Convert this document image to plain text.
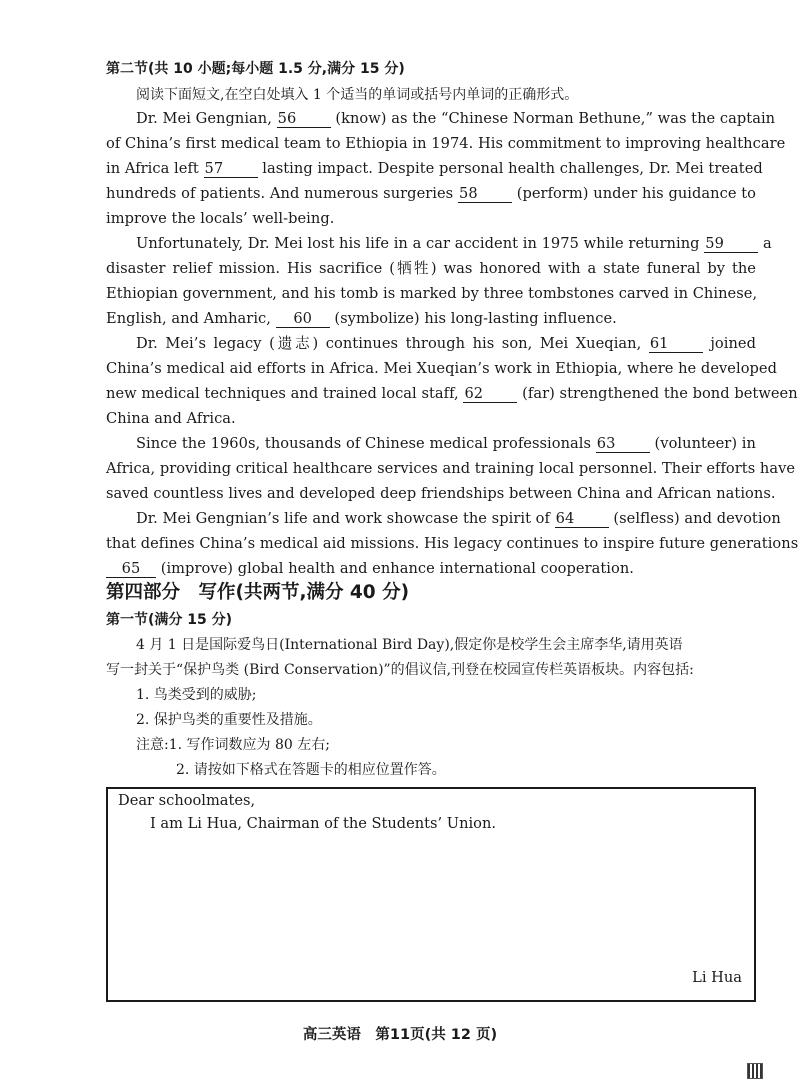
第二节(共 10 小题;每小题 1.5 分,满分 15 分)
阅读下面短文,在空白处填入 1 个适当的单词或括号内单词的正确形式。
Dr. Mei Gengnian, 56	(know) as the “Chinese Norman Bethune,” was the captain
of China’s first medical team to Ethiopia in 1974. His commitment to improving healthcare
in Africa left 57	lasting impact. Despite personal health challenges, Dr. Mei treated
hundreds of patients. And numerous surgeries 58	(perform) under his guidance to
improve the locals’ well-being.
Unfortunately, Dr. Mei lost his life in a car accident in 1975 while returning 59	a
disaster relief mission. His sacrifice (牺牲) was honored with a state funeral by the
Ethiopian government, and his tomb is marked by three tombstones carved in Chinese,
English, and Amharic, 60 (symbolize) his long-lasting influence.
Dr. Mei’s legacy (遗志) continues through his son, Mei Xueqian, 61	joined
China’s medical aid efforts in Africa. Mei Xueqian’s work in Ethiopia, where he developed
new medical techniques and trained local staff, 62	(far) strengthened the bond between
China and Africa.
Since the 1960s, thousands of Chinese medical professionals 63	(volunteer) in
Africa, providing critical healthcare services and training local personnel. Their efforts have
saved countless lives and developed deep friendships between China and African nations.
Dr. Mei Gengnian’s life and work showcase the spirit of 64	(selfless) and devotion
that defines China’s medical aid missions. His legacy continues to inspire future generations
65 (improve) global health and enhance international cooperation.
第四部分　写作(共两节,满分 40 分)
第一节(满分 15 分)
4 月 1 日是国际爱鸟日(International Bird Day),假定你是校学生会主席李华,请用英语
写一封关于“保护鸟类 (Bird Conservation)”的倡议信,刊登在校园宣传栏英语板块。内容包括:
1. 鸟类受到的威胁;
2. 保护鸟类的重要性及措施。
注意:1. 写作词数应为 80 左右;
2. 请按如下格式在答题卡的相应位置作答。
Dear schoolmates,
I am Li Hua, Chairman of the Students’ Union.
Li Hua
高三英语　第11页(共 12 页)
